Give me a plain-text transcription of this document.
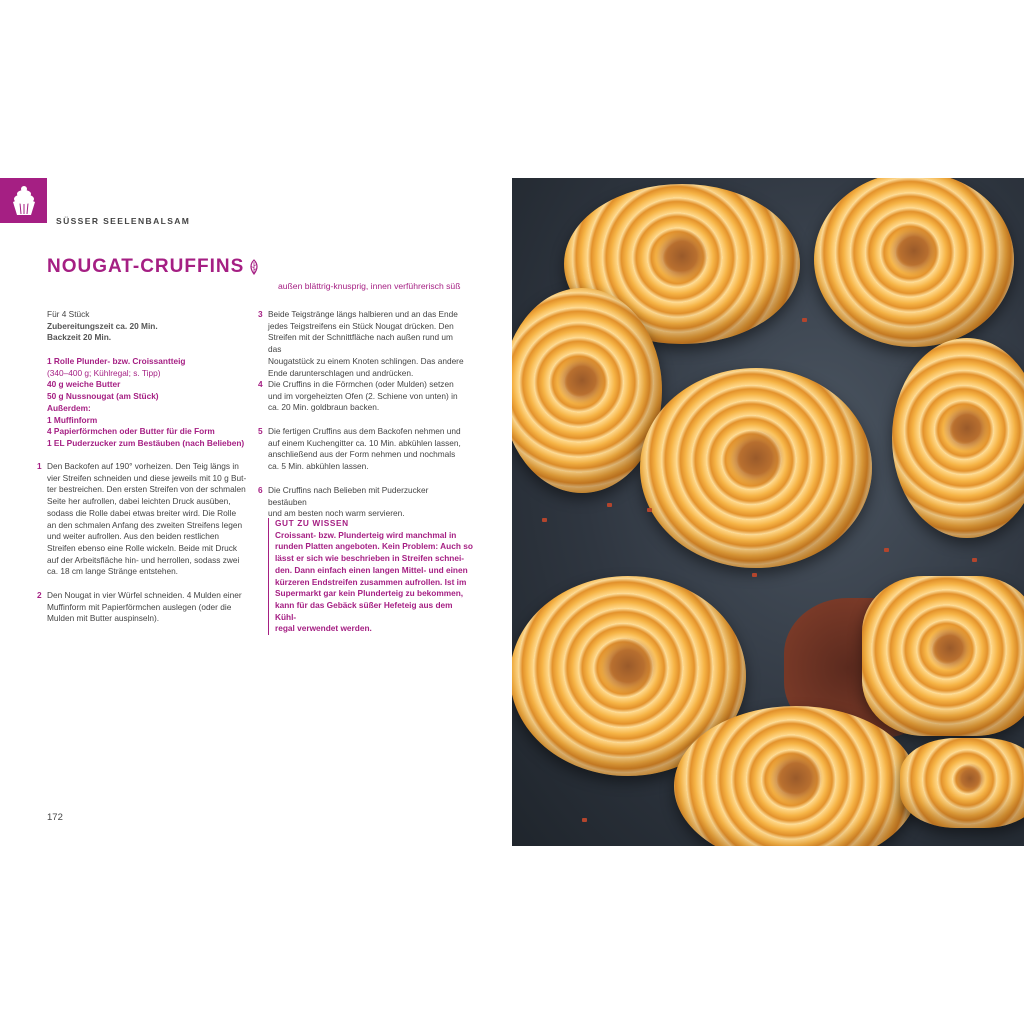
SÜSSER SEELENBALSAM
NOUGAT-CRUFFINS
außen blättrig-knusprig, innen verführerisch süß
Für 4 Stück
Zubereitungszeit ca. 20 Min.
Backzeit 20 Min.
1 Rolle Plunder- bzw. Croissantteig
(340–400 g; Kühlregal; s. Tipp)
40 g weiche Butter
50 g Nussnougat (am Stück)
Außerdem:
1 Muffinform
4 Papierförmchen oder Butter für die Form
1 EL Puderzucker zum Bestäuben (nach Belieben)
1 Den Backofen auf 190° vorheizen. Den Teig längs in
vier Streifen schneiden und diese jeweils mit 10 g But-
ter bestreichen. Den ersten Streifen von der schmalen
Seite her aufrollen, dabei leichten Druck ausüben,
sodass die Rolle dabei etwas breiter wird. Die Rolle
an den schmalen Anfang des zweiten Streifens legen
und weiter aufrollen. Aus den beiden restlichen
Streifen ebenso eine Rolle wickeln. Beide mit Druck
auf der Arbeitsfläche hin- und herrollen, sodass zwei
ca. 18 cm lange Stränge entstehen.
2 Den Nougat in vier Würfel schneiden. 4 Mulden einer
Muffinform mit Papierförmchen auslegen (oder die
Mulden mit Butter auspinseln).
3 Beide Teigstränge längs halbieren und an das Ende
jedes Teigstreifens ein Stück Nougat drücken. Den
Streifen mit der Schnittfläche nach außen rund um das
Nougatstück zu einem Knoten schlingen. Das andere
Ende darunterschlagen und andrücken.
4 Die Cruffins in die Förmchen (oder Mulden) setzen
und im vorgeheizten Ofen (2. Schiene von unten) in
ca. 20 Min. goldbraun backen.
5 Die fertigen Cruffins aus dem Backofen nehmen und
auf einem Kuchengitter ca. 10 Min. abkühlen lassen,
anschließend aus der Form nehmen und nochmals
ca. 5 Min. abkühlen lassen.
6 Die Cruffins nach Belieben mit Puderzucker bestäuben
und am besten noch warm servieren.
GUT ZU WISSEN
Croissant- bzw. Plunderteig wird manchmal in
runden Platten angeboten. Kein Problem: Auch so
lässt er sich wie beschrieben in Streifen schnei-
den. Dann einfach einen langen Mittel- und einen
kürzeren Endstreifen zusammen aufrollen. Ist im
Supermarkt gar kein Plunderteig zu bekommen,
kann für das Gebäck süßer Hefeteig aus dem Kühl-
regal verwendet werden.
172
